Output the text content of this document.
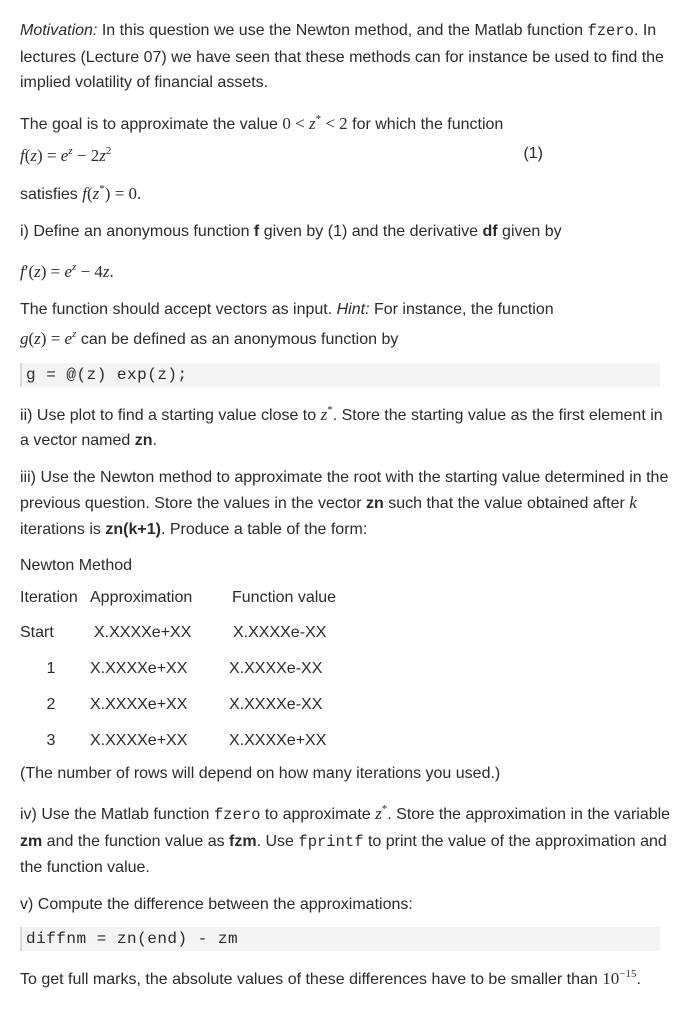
Motivation: In this question we use the Newton method, and the Matlab function fzero. In lectures (Lecture 07) we have seen that these methods can for instance be used to find the implied volatility of financial assets.

The goal is to approximate the value 0 < z* < 2 for which the function

$f(z) = e^z - 2z^2$	(1)

satisfies f(z*) = 0.

i) Define an anonymous function f given by (1) and the derivative df given by

$f'(z) = e^z - 4z$.

The function should accept vectors as input. Hint: For instance, the function
$g(z) = e^z$ can be defined as an anonymous function by

g = @(z) exp(z);

ii) Use plot to find a starting value close to z*. Store the starting value as the first element in a vector named zn.

iii) Use the Newton method to approximate the root with the starting value determined in the previous question. Store the values in the vector zn such that the value obtained after k iterations is zn(k+1). Produce a table of the form:

Newton Method

Iteration	Approximation	Function value
Start	X.XXXXe+XX	X.XXXXe-XX
1	X.XXXXe+XX	X.XXXXe-XX
2	X.XXXXe+XX	X.XXXXe-XX
3	X.XXXXe+XX	X.XXXXe+XX

(The number of rows will depend on how many iterations you used.)

iv) Use the Matlab function fzero to approximate z*. Store the approximation in the variable zm and the function value as fzm. Use fprintf to print the value of the approximation and the function value.

v) Compute the difference between the approximations:

diffnm = zn(end) - zm

To get full marks, the absolute values of these differences have to be smaller than $10^{-15}$.
